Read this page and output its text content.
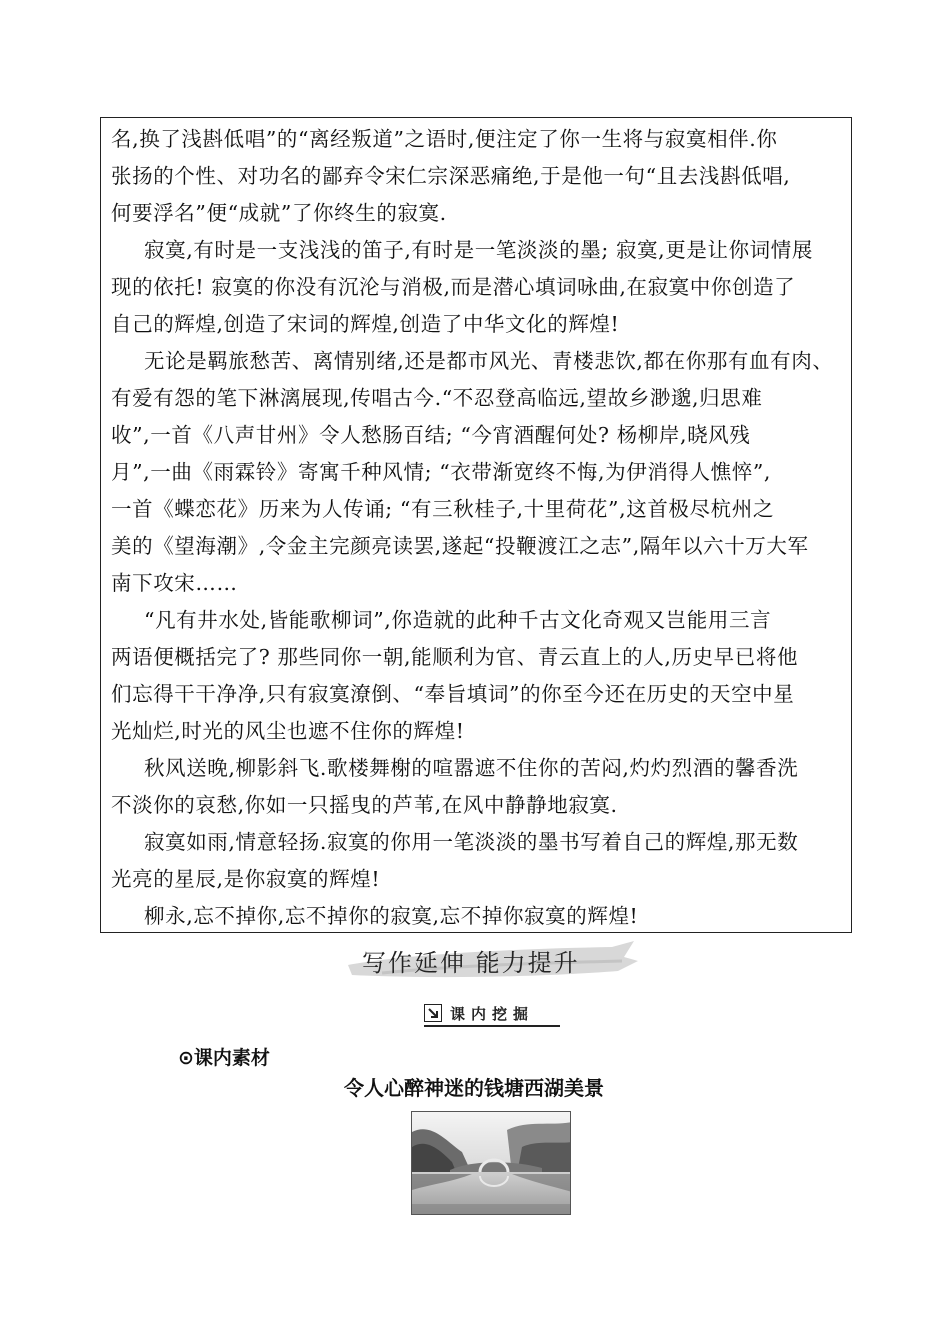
名,换了浅斟低唱”的“离经叛道”之语时,便注定了你一生将与寂寞相伴.你
张扬的个性、对功名的鄙弃令宋仁宗深恶痛绝,于是他一句“且去浅斟低唱,
何要浮名”便“成就”了你终生的寂寞.
寂寞,有时是一支浅浅的笛子,有时是一笔淡淡的墨; 寂寞,更是让你词情展
现的依托! 寂寞的你没有沉沦与消极,而是潜心填词咏曲,在寂寞中你创造了
自己的辉煌,创造了宋词的辉煌,创造了中华文化的辉煌!
无论是羁旅愁苦、离情别绪,还是都市风光、青楼悲饮,都在你那有血有肉、
有爱有怨的笔下淋漓展现,传唱古今.“不忍登高临远,望故乡渺邈,归思难
收”,一首《八声甘州》令人愁肠百结; “今宵酒醒何处? 杨柳岸,晓风残
月”,一曲《雨霖铃》寄寓千种风情; “衣带渐宽终不悔,为伊消得人憔悴”,
一首《蝶恋花》历来为人传诵; “有三秋桂子,十里荷花”,这首极尽杭州之
美的《望海潮》,令金主完颜亮读罢,遂起“投鞭渡江之志”,隔年以六十万大军
南下攻宋……
“凡有井水处,皆能歌柳词”,你造就的此种千古文化奇观又岂能用三言
两语便概括完了? 那些同你一朝,能顺利为官、青云直上的人,历史早已将他
们忘得干干净净,只有寂寞潦倒、“奉旨填词”的你至今还在历史的天空中星
光灿烂,时光的风尘也遮不住你的辉煌!
秋风送晚,柳影斜飞.歌楼舞榭的喧嚣遮不住你的苦闷,灼灼烈酒的馨香洗
不淡你的哀愁,你如一只摇曳的芦苇,在风中静静地寂寞.
寂寞如雨,情意轻扬.寂寞的你用一笔淡淡的墨书写着自己的辉煌,那无数
光亮的星辰,是你寂寞的辉煌!
柳永,忘不掉你,忘不掉你的寂寞,忘不掉你寂寞的辉煌!
写作延伸 能力提升
课内挖掘
⊙课内素材
令人心醉神迷的钱塘西湖美景
